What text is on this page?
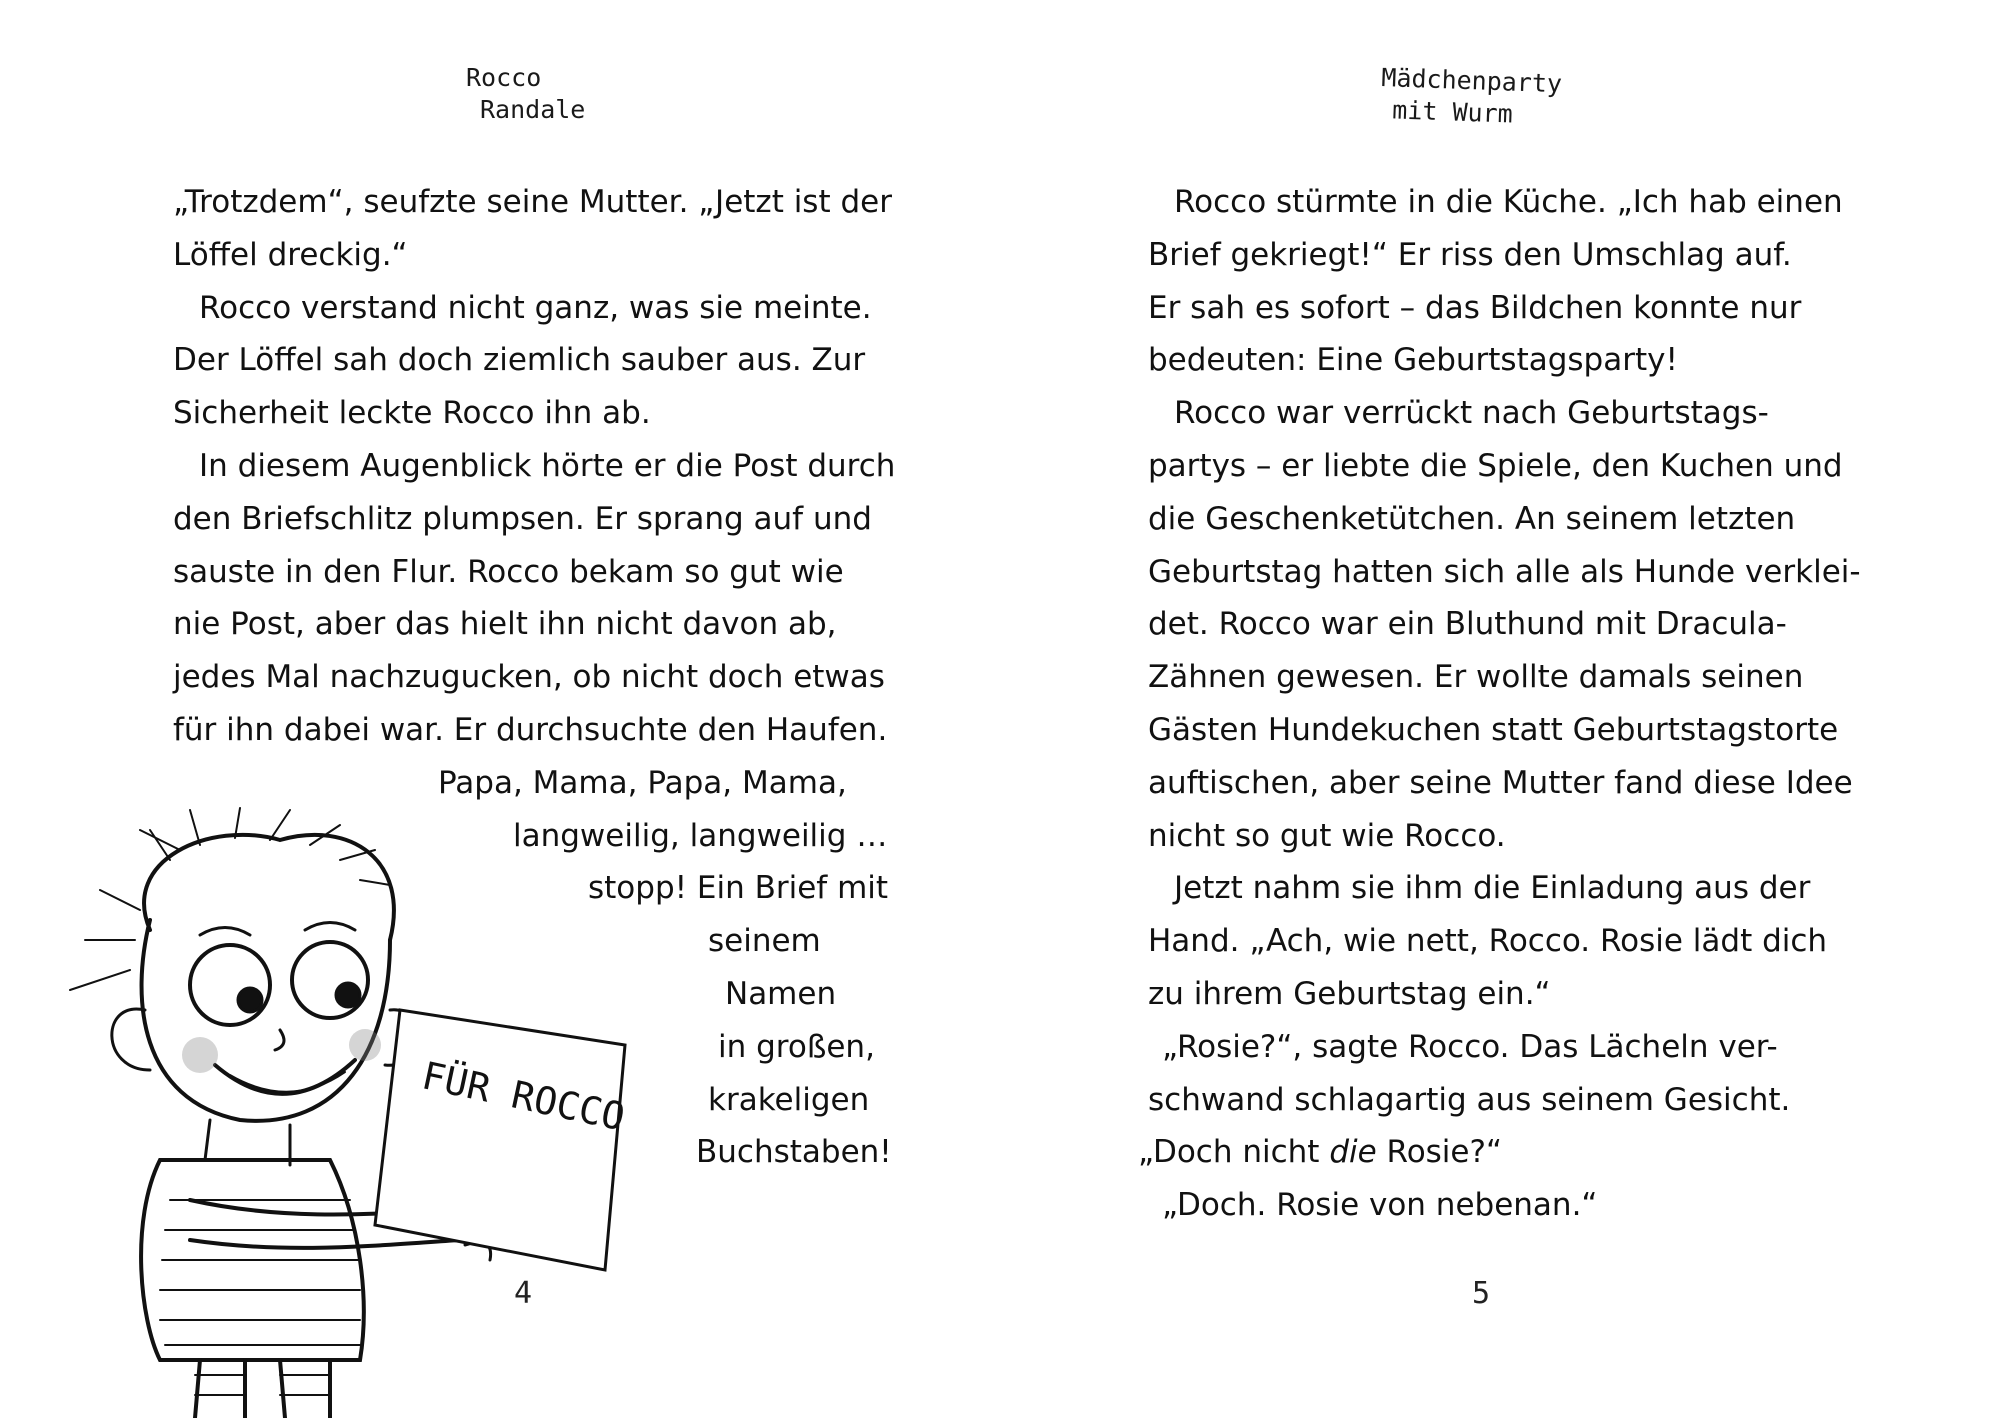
Rocco
Randale
FÜR ROCCO
„Trotzdem“, seufzte seine Mutter. „Jetzt ist der
Löffel dreckig.“
Rocco verstand nicht ganz, was sie meinte.
Der Löffel sah doch ziemlich sauber aus. Zur
Sicherheit leckte Rocco ihn ab.
In diesem Augenblick hörte er die Post durch
den Briefschlitz plumpsen. Er sprang auf und
sauste in den Flur. Rocco bekam so gut wie
nie Post, aber das hielt ihn nicht davon ab,
jedes Mal nachzugucken, ob nicht doch etwas
für ihn dabei war. Er durchsuchte den Haufen.
Papa, Mama, Papa, Mama,
langweilig, langweilig …
stopp! Ein Brief mit
seinem
Namen
in großen,
krakeligen
Buchstaben!
4
Mädchenparty
mit Wurm
Rocco stürmte in die Küche. „Ich hab einen
Brief gekriegt!“ Er riss den Umschlag auf.
Er sah es sofort – das Bildchen konnte nur
bedeuten: Eine Geburtstagsparty!
Rocco war verrückt nach Geburtstags-
partys – er liebte die Spiele, den Kuchen und
die Geschenketütchen. An seinem letzten
Geburtstag hatten sich alle als Hunde verklei-
det. Rocco war ein Bluthund mit Dracula-
Zähnen gewesen. Er wollte damals seinen
Gästen Hundekuchen statt Geburtstagstorte
auftischen, aber seine Mutter fand diese Idee
nicht so gut wie Rocco.
Jetzt nahm sie ihm die Einladung aus der
Hand. „Ach, wie nett, Rocco. Rosie lädt dich
zu ihrem Geburtstag ein.“
„Rosie?“, sagte Rocco. Das Lächeln ver-
schwand schlagartig aus seinem Gesicht.
„Doch nicht die Rosie?“
„Doch. Rosie von nebenan.“
5
